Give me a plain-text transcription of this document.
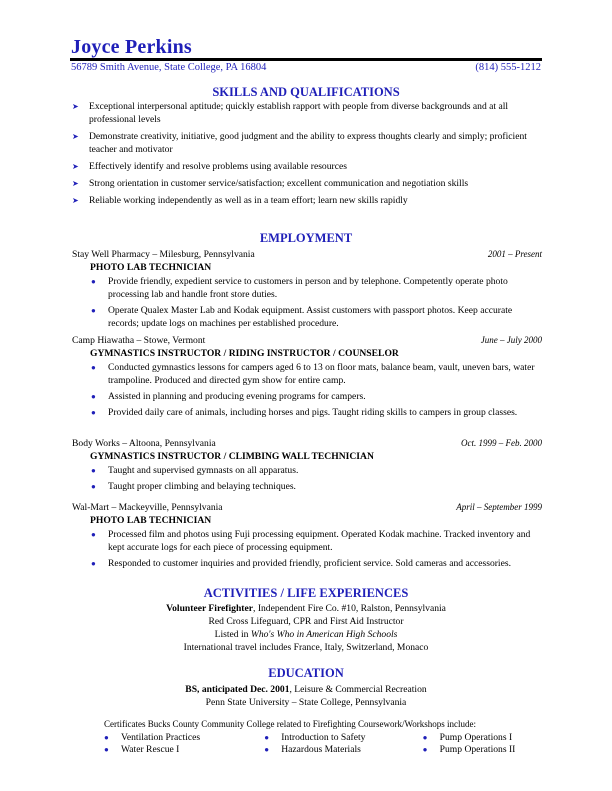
Joyce Perkins
56789 Smith Avenue, State College, PA 16804	(814) 555-1212
SKILLS AND QUALIFICATIONS
➤ Exceptional interpersonal aptitude; quickly establish rapport with people from diverse backgrounds and at all professional levels
➤ Demonstrate creativity, initiative, good judgment and the ability to express thoughts clearly and simply; proficient teacher and motivator
➤ Effectively identify and resolve problems using available resources
➤ Strong orientation in customer service/satisfaction; excellent communication and negotiation skills
➤ Reliable working independently as well as in a team effort; learn new skills rapidly
EMPLOYMENT
Stay Well Pharmacy – Milesburg, Pennsylvania	2001 – Present
PHOTO LAB TECHNICIAN
● Provide friendly, expedient service to customers in person and by telephone. Competently operate photo processing lab and handle front store duties.
● Operate Qualex Master Lab and Kodak equipment. Assist customers with passport photos. Keep accurate records; update logs on machines per established procedure.
Camp Hiawatha – Stowe, Vermont	June – July 2000
GYMNASTICS INSTRUCTOR / RIDING INSTRUCTOR / COUNSELOR
● Conducted gymnastics lessons for campers aged 6 to 13 on floor mats, balance beam, vault, uneven bars, water trampoline. Produced and directed gym show for entire camp.
● Assisted in planning and producing evening programs for campers.
● Provided daily care of animals, including horses and pigs. Taught riding skills to campers in group classes.
Body Works – Altoona, Pennsylvania	Oct. 1999 – Feb. 2000
GYMNASTICS INSTRUCTOR / CLIMBING WALL TECHNICIAN
● Taught and supervised gymnasts on all apparatus.
● Taught proper climbing and belaying techniques.
Wal-Mart – Mackeyville, Pennsylvania	April – September 1999
PHOTO LAB TECHNICIAN
● Processed film and photos using Fuji processing equipment. Operated Kodak machine. Tracked inventory and kept accurate logs for each piece of processing equipment.
● Responded to customer inquiries and provided friendly, proficient service. Sold cameras and accessories.
ACTIVITIES / LIFE EXPERIENCES
Volunteer Firefighter, Independent Fire Co. #10, Ralston, Pennsylvania
Red Cross Lifeguard, CPR and First Aid Instructor
Listed in Who's Who in American High Schools
International travel includes France, Italy, Switzerland, Monaco
EDUCATION
BS, anticipated Dec. 2001, Leisure & Commercial Recreation
Penn State University – State College, Pennsylvania
Certificates Bucks County Community College related to Firefighting Coursework/Workshops include:
● Ventilation Practices	● Introduction to Safety	● Pump Operations I
● Water Rescue I	● Hazardous Materials	● Pump Operations II
